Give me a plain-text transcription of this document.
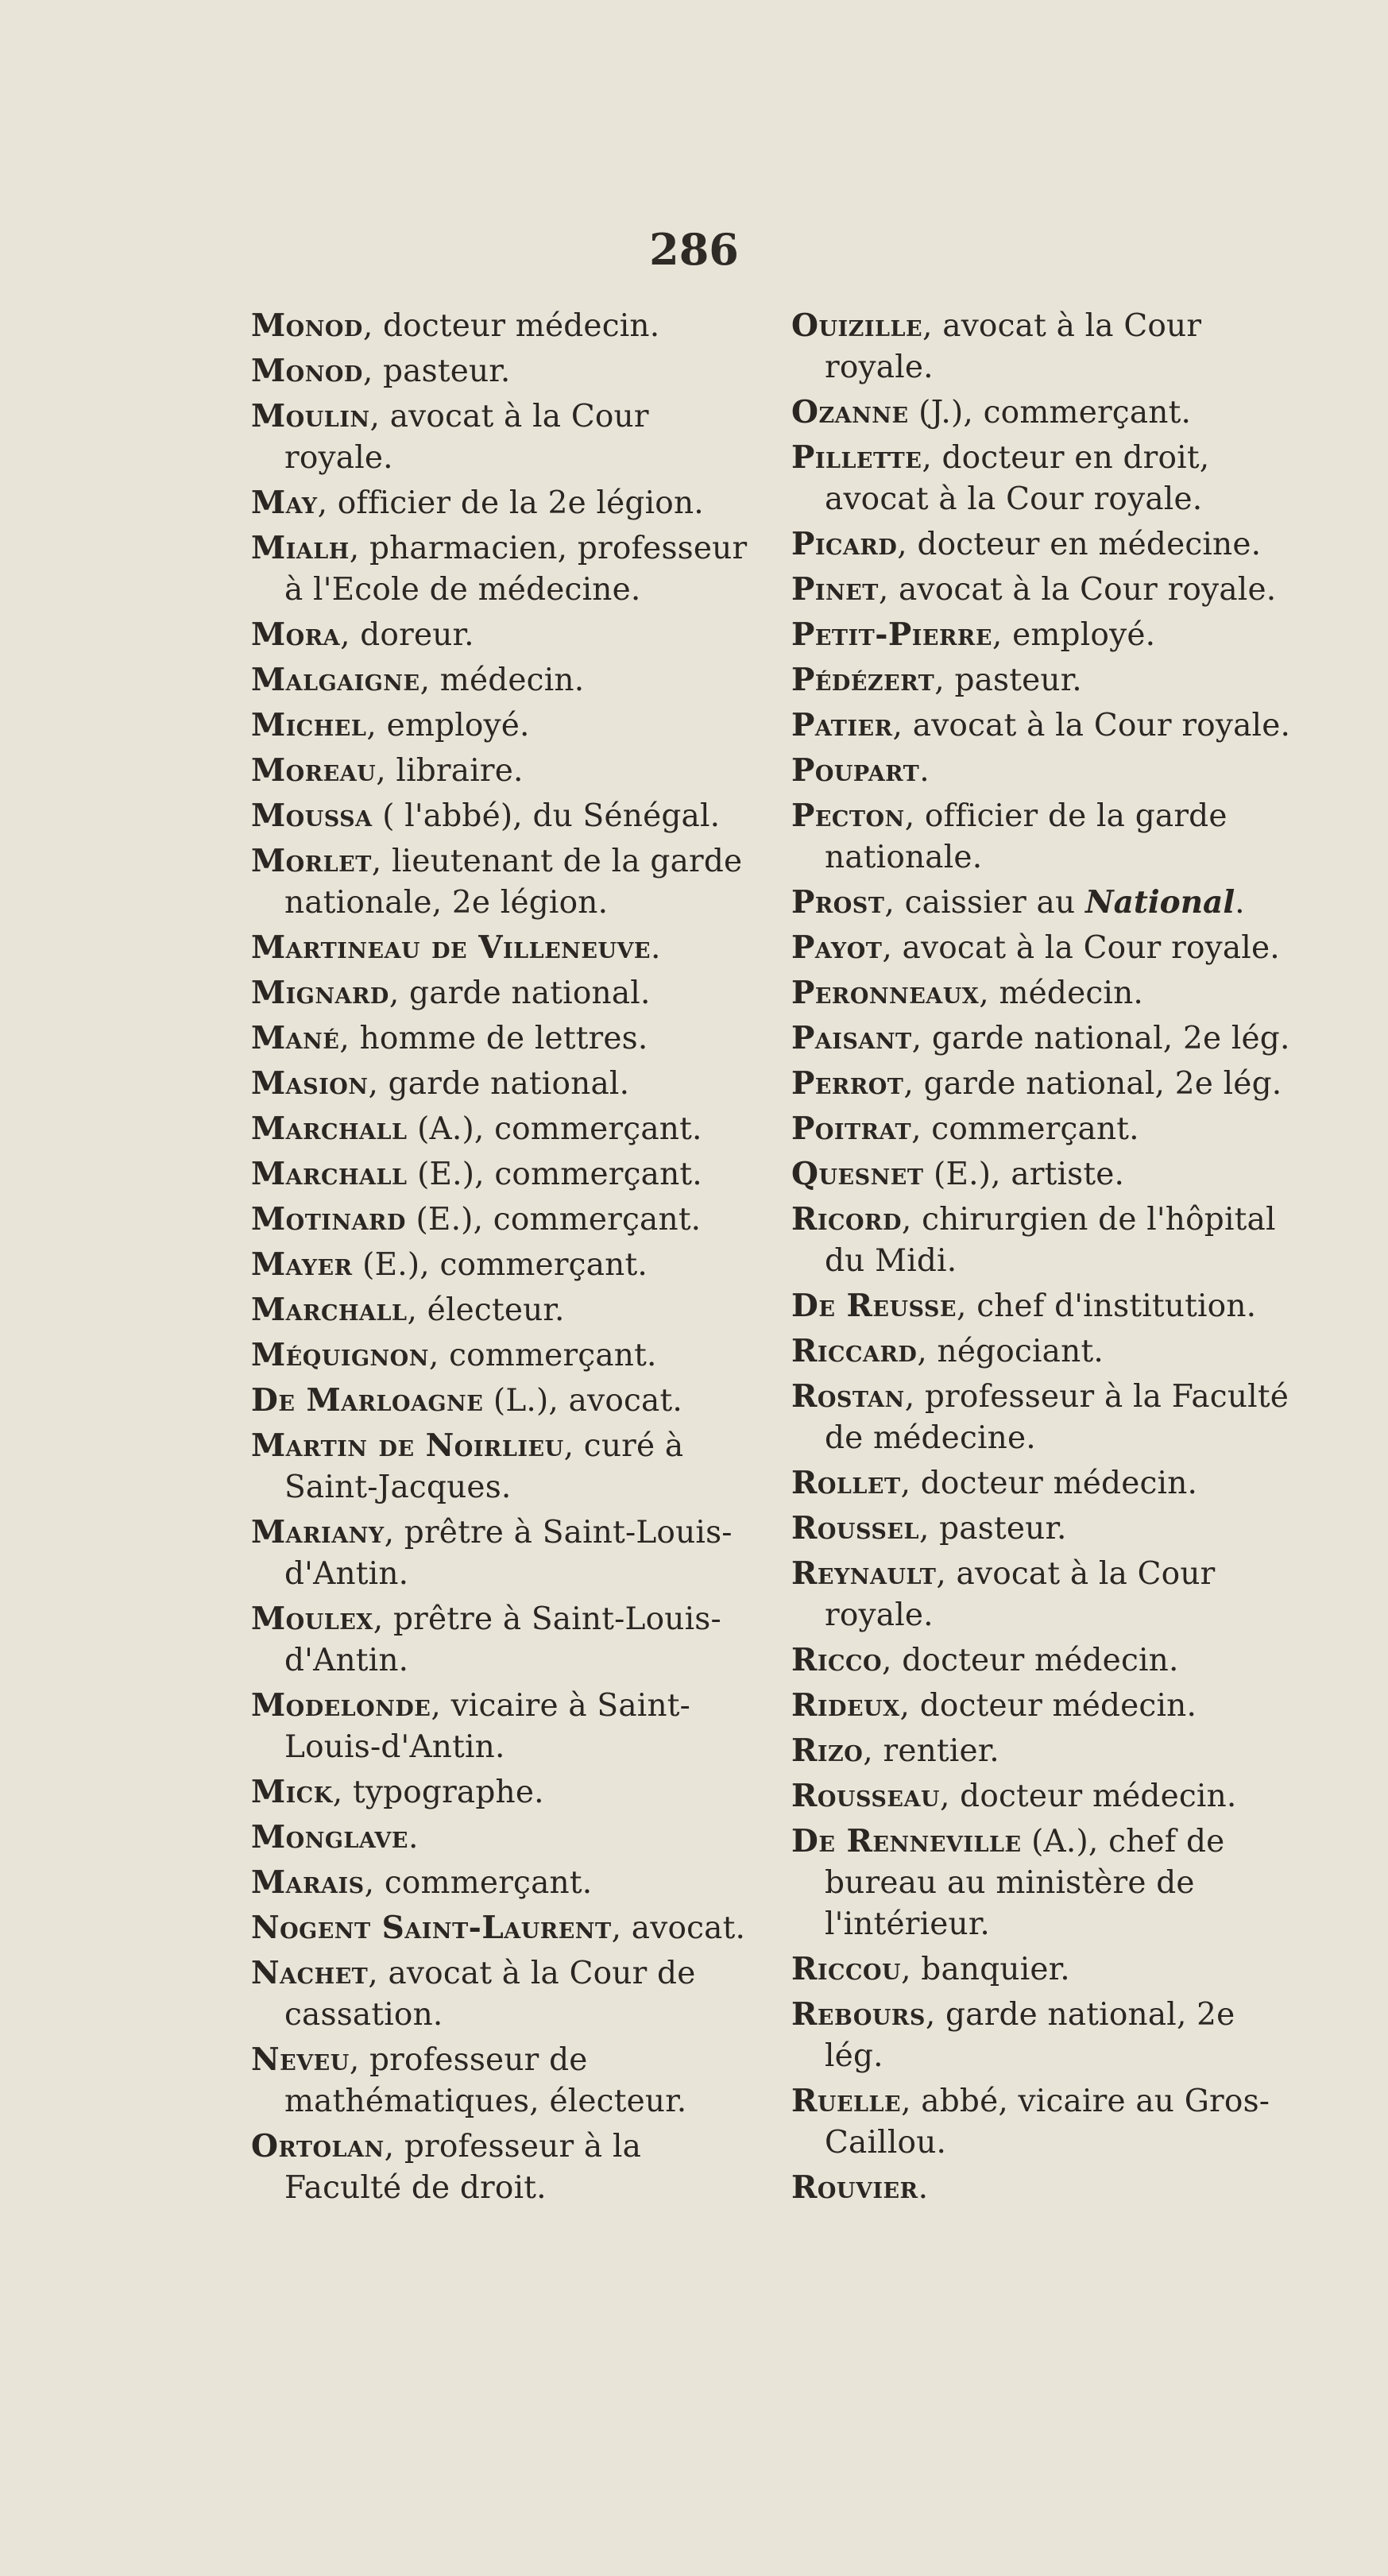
286
Monod, docteur médecin.
Monod, pasteur.
Moulin, avocat à la Cour royale.
May, officier de la 2e légion.
Mialh, pharmacien, professeur à l'Ecole de médecine.
Mora, doreur.
Malgaigne, médecin.
Michel, employé.
Moreau, libraire.
Moussa ( l'abbé), du Sénégal.
Morlet, lieutenant de la garde nationale, 2e légion.
Martineau de Villeneuve.
Mignard, garde national.
Mané, homme de lettres.
Masion, garde national.
Marchall (A.), commerçant.
Marchall (E.), commerçant.
Motinard (E.), commerçant.
Mayer (E.), commerçant.
Marchall, électeur.
Méquignon, commerçant.
De Marloagne (L.), avocat.
Martin de Noirlieu, curé à Saint-Jacques.
Mariany, prêtre à Saint-Louis-d'Antin.
Moulex, prêtre à Saint-Louis-d'Antin.
Modelonde, vicaire à Saint-Louis-d'Antin.
Mick, typographe.
Monglave.
Marais, commerçant.
Nogent Saint-Laurent, avocat.
Nachet, avocat à la Cour de cassation.
Neveu, professeur de mathématiques, électeur.
Ortolan, professeur à la Faculté de droit.
Ouizille, avocat à la Cour royale.
Ozanne (J.), commerçant.
Pillette, docteur en droit, avocat à la Cour royale.
Picard, docteur en médecine.
Pinet, avocat à la Cour royale.
Petit-Pierre, employé.
Pédézert, pasteur.
Patier, avocat à la Cour royale.
Poupart.
Pecton, officier de la garde nationale.
Prost, caissier au National.
Payot, avocat à la Cour royale.
Peronneaux, médecin.
Paisant, garde national, 2e lég.
Perrot, garde national, 2e lég.
Poitrat, commerçant.
Quesnet (E.), artiste.
Ricord, chirurgien de l'hôpital du Midi.
De Reusse, chef d'institution.
Riccard, négociant.
Rostan, professeur à la Faculté de médecine.
Rollet, docteur médecin.
Roussel, pasteur.
Reynault, avocat à la Cour royale.
Ricco, docteur médecin.
Rideux, docteur médecin.
Rizo, rentier.
Rousseau, docteur médecin.
De Renneville (A.), chef de bureau au ministère de l'intérieur.
Riccou, banquier.
Rebours, garde national, 2e lég.
Ruelle, abbé, vicaire au Gros-Caillou.
Rouvier.
